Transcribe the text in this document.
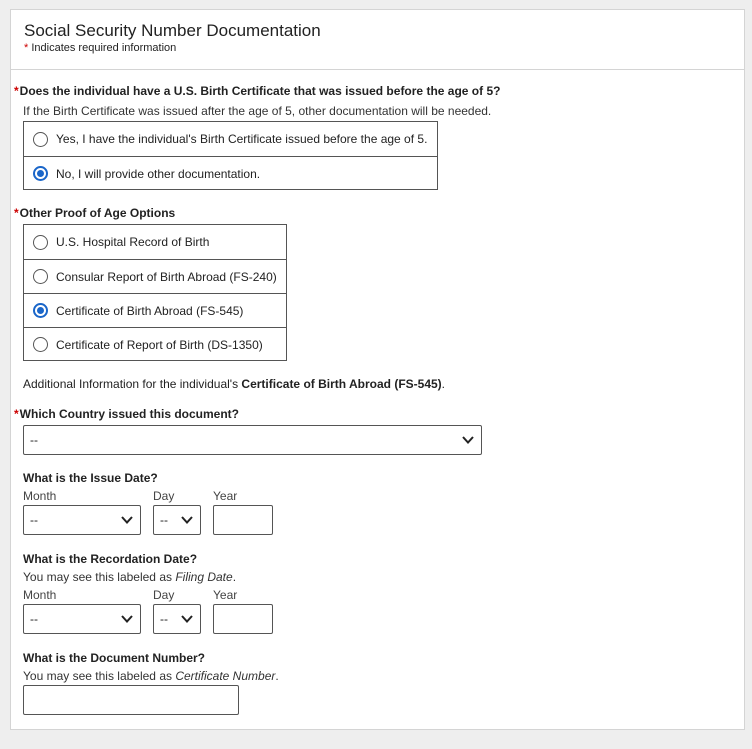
Social Security Number Documentation
* Indicates required information
*Does the individual have a U.S. Birth Certificate that was issued before the age of 5?
If the Birth Certificate was issued after the age of 5, other documentation will be needed.
Yes, I have the individual's Birth Certificate issued before the age of 5.
No, I will provide other documentation.
*Other Proof of Age Options
U.S. Hospital Record of Birth
Consular Report of Birth Abroad (FS-240)
Certificate of Birth Abroad (FS-545)
Certificate of Report of Birth (DS-1350)
Additional Information for the individual's Certificate of Birth Abroad (FS-545).
*Which Country issued this document?
--
What is the Issue Date?
Month	Day	Year
--	--
What is the Recordation Date?
You may see this labeled as Filing Date.
Month	Day	Year
--	--
What is the Document Number?
You may see this labeled as Certificate Number.
